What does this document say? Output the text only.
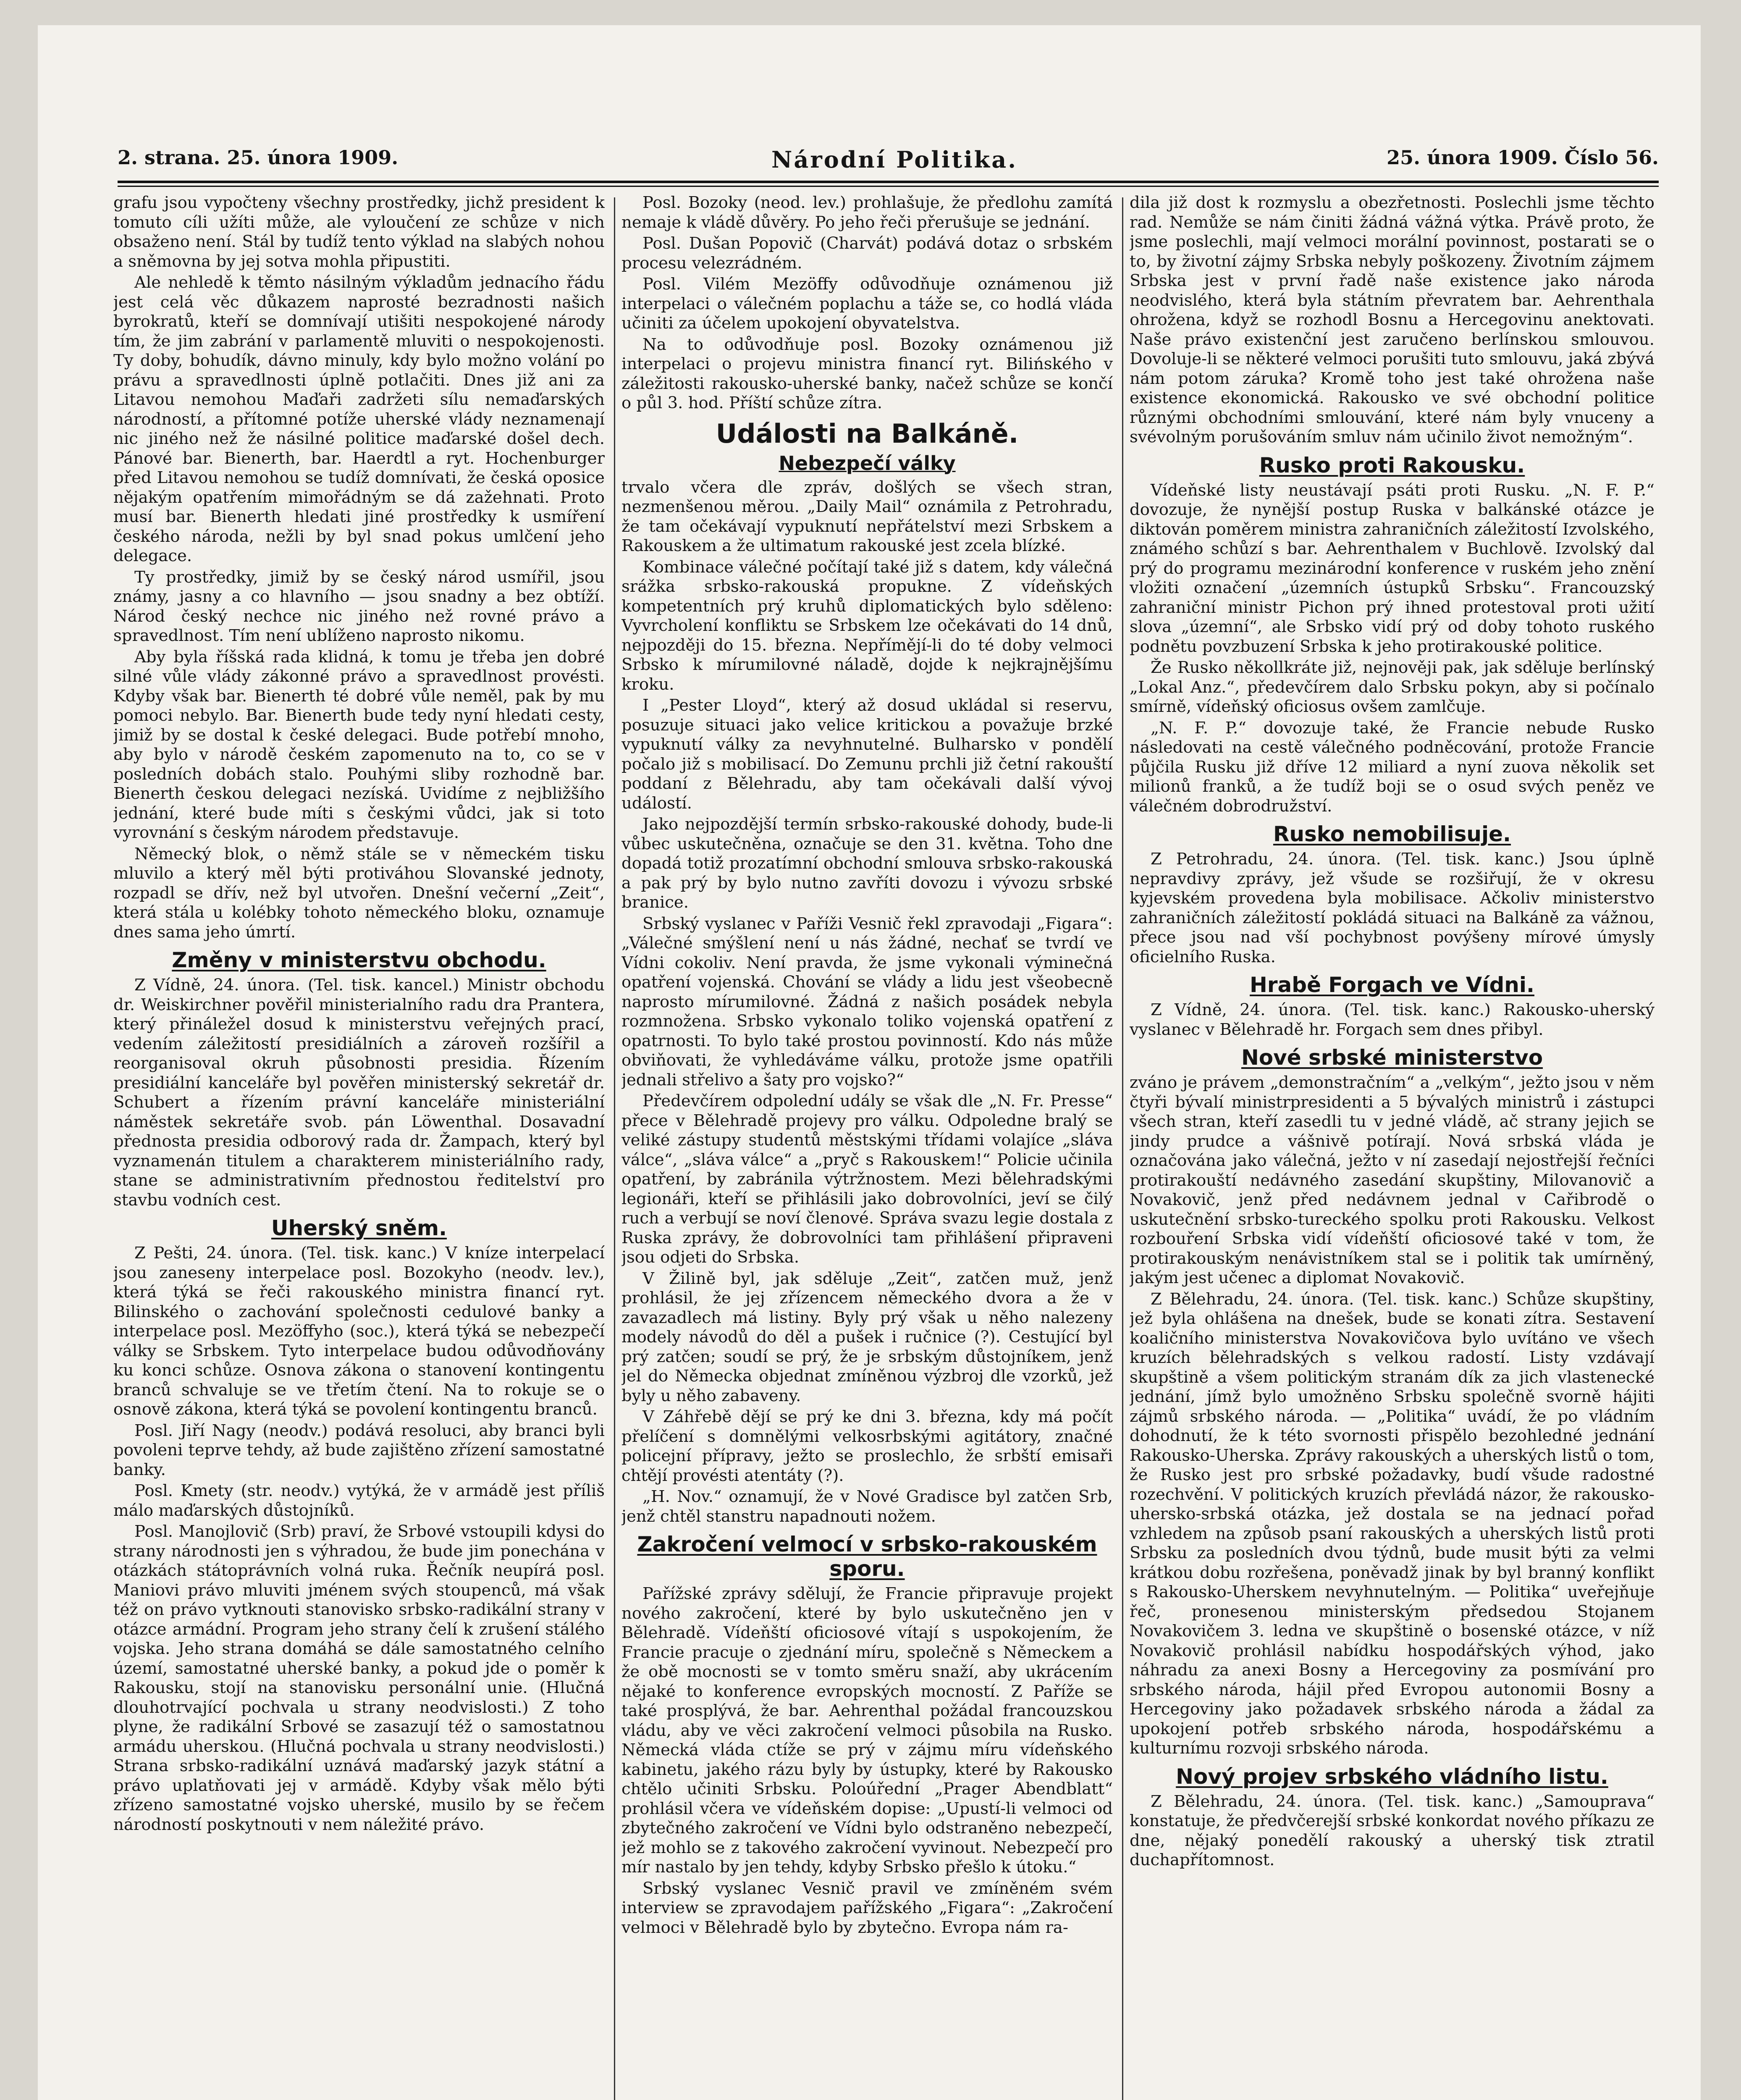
2. strana. 25. února 1909.	Národní Politika.	25. února 1909. Číslo 56.

grafu jsou vypočteny všechny prostředky, jichž president k tomuto cíli užíti může, ale vyloučení ze schůze v nich obsaženo není. Stál by tudíž tento výklad na slabých nohou a sněmovna by jej sotva mohla připustiti.

Ale nehledě k těmto násilným výkladům jednacího řádu jest celá věc důkazem naprosté bezradnosti našich byrokratů, kteří se domnívají utišiti nespokojené národy tím, že jim zabrání v parlamentě mluviti o nespokojenosti. Ty doby, bohudík, dávno minuly, kdy bylo možno volání po právu a spravedlnosti úplně potlačiti. Dnes již ani za Litavou nemohou Maďaři zadržeti sílu nemaďarských národností, a přítomné potíže uherské vlády neznamenají nic jiného než že násilné politice maďarské došel dech. Pánové bar. Bienerth, bar. Haerdtl a ryt. Hochenburger před Litavou nemohou se tudíž domnívati, že česká oposice nějakým opatřením mimořádným se dá zažehnati. Proto musí bar. Bienerth hledati jiné prostředky k usmíření českého národa, nežli by byl snad pokus umlčení jeho delegace.

Ty prostředky, jimiž by se český národ usmířil, jsou známy, jasny a co hlavního — jsou snadny a bez obtíží. Národ český nechce nic jiného než rovné právo a spravedlnost. Tím není ublíženo naprosto nikomu.

Aby byla říšská rada klidná, k tomu je třeba jen dobré silné vůle vlády zákonné právo a spravedlnost provésti. Kdyby však bar. Bienerth té dobré vůle neměl, pak by mu pomoci nebylo. Bar. Bienerth bude tedy nyní hledati cesty, jimiž by se dostal k české delegaci. Bude potřebí mnoho, aby bylo v národě českém zapomenuto na to, co se v posledních dobách stalo. Pouhými sliby rozhodně bar. Bienerth českou delegaci nezíská. Uvidíme z nejbližšího jednání, které bude míti s českými vůdci, jak si toto vyrovnání s českým národem představuje.

Německý blok, o němž stále se v německém tisku mluvilo a který měl býti protiváhou Slovanské jednoty, rozpadl se dřív, než byl utvořen. Dnešní večerní „Zeit“, která stála u kolébky tohoto německého bloku, oznamuje dnes sama jeho úmrtí.

Změny v ministerstvu obchodu.

Z Vídně, 24. února. (Tel. tisk. kancel.) Ministr obchodu dr. Weiskirchner pověřil ministerialního radu dra Prantera, který přináležel dosud k ministerstvu veřejných prací, vedením záležitostí presidiálních a zároveň rozšířil a reorganisoval okruh působnosti presidia. Řízením presidiální kanceláře byl pověřen ministerský sekretář dr. Schubert a řízením právní kanceláře ministeriální náměstek sekretáře svob. pán Löwenthal. Dosavadní přednosta presidia odborový rada dr. Žampach, který byl vyznamenán titulem a charakterem ministeriálního rady, stane se administrativním přednostou ředitelství pro stavbu vodních cest.

Uherský sněm.

Z Pešti, 24. února. (Tel. tisk. kanc.) V kníze interpelací jsou zaneseny interpelace posl. Bozokyho (neodv. lev.), která týká se řeči rakouského ministra financí ryt. Bilinského o zachování společnosti cedulové banky a interpelace posl. Mezöffyho (soc.), která týká se nebezpečí války se Srbskem. Tyto interpelace budou odůvodňovány ku konci schůze. Osnova zákona o stanovení kontingentu branců schvaluje se ve třetím čtení. Na to rokuje se o osnově zákona, která týká se povolení kontingentu branců.

Posl. Jiří Nagy (neodv.) podává resoluci, aby branci byli povoleni teprve tehdy, až bude zajištěno zřízení samostatné banky.

Posl. Kmety (str. neodv.) vytýká, že v armádě jest příliš málo maďarských důstojníků.

Posl. Manojlovič (Srb) praví, že Srbové vstoupili kdysi do strany národnosti jen s výhradou, že bude jim ponechána v otázkách státoprávních volná ruka. Řečník neupírá posl. Maniovi právo mluviti jménem svých stoupenců, má však též on právo vytknouti stanovisko srbsko-radikální strany v otázce armádní. Program jeho strany čelí k zrušení stálého vojska. Jeho strana domáhá se dále samostatného celního území, samostatné uherské banky, a pokud jde o poměr k Rakousku, stojí na stanovisku personální unie. (Hlučná dlouhotrvající pochvala u strany neodvislosti.) Z toho plyne, že radikální Srbové se zasazují též o samostatnou armádu uherskou. (Hlučná pochvala u strany neodvislosti.) Strana srbsko-radikální uznává maďarský jazyk státní a právo uplatňovati jej v armádě. Kdyby však mělo býti zřízeno samostatné vojsko uherské, musilo by se řečem národností poskytnouti v nem náležité právo.

Posl. Bozoky (neod. lev.) prohlašuje, že předlohu zamítá nemaje k vládě důvěry. Po jeho řeči přerušuje se jednání.

Posl. Dušan Popovič (Charvát) podává dotaz o srbském procesu velezrádném.

Posl. Vilém Mezöffy odůvodňuje oznámenou již interpelaci o válečném poplachu a táže se, co hodlá vláda učiniti za účelem upokojení obyvatelstva.

Na to odůvodňuje posl. Bozoky oznámenou již interpelaci o projevu ministra financí ryt. Bilińského v záležitosti rakousko-uherské banky, načež schůze se končí o půl 3. hod. Příští schůze zítra.

Události na Balkáně.
Nebezpečí války

trvalo včera dle zpráv, došlých se všech stran, nezmenšenou měrou. „Daily Mail“ oznámila z Petrohradu, že tam očekávají vypuknutí nepřátelství mezi Srbskem a Rakouskem a že ultimatum rakouské jest zcela blízké.

Kombinace válečné počítají také již s datem, kdy válečná srážka srbsko-rakouská propukne. Z vídeňských kompetentních prý kruhů diplomatických bylo sděleno: Vyvrcholení konfliktu se Srbskem lze očekávati do 14 dnů, nejpozději do 15. března. Nepřímějí-li do té doby velmoci Srbsko k mírumilovné náladě, dojde k nejkrajnějšímu kroku.

I „Pester Lloyd“, který až dosud ukládal si reservu, posuzuje situaci jako velice kritickou a považuje brzké vypuknutí války za nevyhnutelné. Bulharsko v pondělí počalo již s mobilisací. Do Zemunu prchli již četní rakouští poddaní z Bělehradu, aby tam očekávali další vývoj událostí.

Jako nejpozdější termín srbsko-rakouské dohody, bude-li vůbec uskutečněna, označuje se den 31. května. Toho dne dopadá totiž prozatímní obchodní smlouva srbsko-rakouská a pak prý by bylo nutno zavříti dovozu i vývozu srbské branice.

Srbský vyslanec v Paříži Vesnič řekl zpravodaji „Figara“: „Válečné smýšlení není u nás žádné, nechať se tvrdí ve Vídni cokoliv. Není pravda, že jsme vykonali výminečná opatření vojenská. Chování se vlády a lidu jest všeobecně naprosto mírumilovné. Žádná z našich posádek nebyla rozmnožena. Srbsko vykonalo toliko vojenská opatření z opatrnosti. To bylo také prostou povinností. Kdo nás může obviňovati, že vyhledáváme válku, protože jsme opatřili jednali střelivo a šaty pro vojsko?“

Předevčírem odpolední udály se však dle „N. Fr. Presse“ přece v Bělehradě projevy pro válku. Odpoledne bralý se veliké zástupy studentů městskými třídami volajíce „sláva válce“, „sláva válce“ a „pryč s Rakouskem!“ Policie učinila opatření, by zabránila výtržnostem. Mezi bělehradskými legionáři, kteří se přihlásili jako dobrovolníci, jeví se čilý ruch a verbují se noví členové. Správa svazu legie dostala z Ruska zprávy, že dobrovolníci tam přihlášení připraveni jsou odjeti do Srbska.

V Žilině byl, jak sděluje „Zeit“, zatčen muž, jenž prohlásil, že jej zřízencem německého dvora a že v zavazadlech má listiny. Byly prý však u něho nalezeny modely návodů do děl a pušek i ručnice (?). Cestující byl prý zatčen; soudí se prý, že je srbským důstojníkem, jenž jel do Německa objednat zmíněnou výzbroj dle vzorků, jež byly u něho zabaveny.

V Záhřebě dějí se prý ke dni 3. března, kdy má počít přelíčení s domnělými velkosrbskými agitátory, značné policejní přípravy, ježto se proslechlo, že srbští emisaři chtějí provésti atentáty (?).

„H. Nov.“ oznamují, že v Nové Gradisce byl zatčen Srb, jenž chtěl stanstru napadnouti nožem.

Zakročení velmocí v srbsko-rakouském sporu.

Pařížské zprávy sdělují, že Francie připravuje projekt nového zakročení, které by bylo uskutečněno jen v Bělehradě. Vídeňští oficiosové vítají s uspokojením, že Francie pracuje o zjednání míru, společně s Německem a že obě mocnosti se v tomto směru snaží, aby ukrácením nějaké to konference evropských mocností. Z Paříže se také prosplývá, že bar. Aehrenthal požádal francouzskou vládu, aby ve věci zakročení velmoci působila na Rusko. Německá vláda ctíže se prý v zájmu míru vídeňského kabinetu, jakého rázu byly by ústupky, které by Rakousko chtělo učiniti Srbsku. Poloúřední „Prager Abendblatt“ prohlásil včera ve vídeňském dopise: „Upustí-li velmoci od zbytečného zakročení ve Vídni bylo odstraněno nebezpečí, jež mohlo se z takového zakročení vyvinout. Nebezpečí pro mír nastalo by jen tehdy, kdyby Srbsko přešlo k útoku.“

Srbský vyslanec Vesnič pravil ve zmíněném svém interview se zpravodajem pařížského „Figara“: „Zakročení velmoci v Bělehradě bylo by zbytečno. Evropa nám ra-

dila již dost k rozmyslu a obezřetnosti. Poslechli jsme těchto rad. Nemůže se nám činiti žádná vážná výtka. Právě proto, že jsme poslechli, mají velmoci morální povinnost, postarati se o to, by životní zájmy Srbska nebyly poškozeny. Životním zájmem Srbska jest v první řadě naše existence jako národa neodvislého, která byla státním převratem bar. Aehrenthala ohrožena, když se rozhodl Bosnu a Hercegovinu anektovati. Naše právo existenční jest zaručeno berlínskou smlouvou. Dovoluje-li se některé velmoci porušiti tuto smlouvu, jaká zbývá nám potom záruka? Kromě toho jest také ohrožena naše existence ekonomická. Rakousko ve své obchodní politice různými obchodními smlouvání, které nám byly vnuceny a svévolným porušováním smluv nám učinilo život nemožným“.

Rusko proti Rakousku.

Vídeňské listy neustávají psáti proti Rusku. „N. F. P.“ dovozuje, že nynější postup Ruska v balkánské otázce je diktován poměrem ministra zahraničních záležitostí Izvolského, známého schůzí s bar. Aehrenthalem v Buchlově. Izvolský dal prý do programu mezinárodní konference v ruském jeho znění vložiti označení „územních ústupků Srbsku“. Francouzský zahraniční ministr Pichon prý ihned protestoval proti užití slova „územní“, ale Srbsko vidí prý od doby tohoto ruského podnětu povzbuzení Srbska k jeho protirakouské politice.

Že Rusko někollkráte již, nejnověji pak, jak sděluje berlínský „Lokal Anz.“, předevčírem dalo Srbsku pokyn, aby si počínalo smírně, vídeňský oficiosus ovšem zamlčuje.

„N. F. P.“ dovozuje také, že Francie nebude Rusko následovati na cestě válečného podněcování, protože Francie půjčila Rusku již dříve 12 miliard a nyní zuova několik set milionů franků, a že tudíž boji se o osud svých peněz ve válečném dobrodružství.

Rusko nemobilisuje.

Z Petrohradu, 24. února. (Tel. tisk. kanc.) Jsou úplně nepravdivy zprávy, jež všude se rozšiřují, že v okresu kyjevském provedena byla mobilisace. Ačkoliv ministerstvo zahraničních záležitostí pokládá situaci na Balkáně za vážnou, přece jsou nad vší pochybnost povýšeny mírové úmysly oficielního Ruska.

Hrabě Forgach ve Vídni.

Z Vídně, 24. února. (Tel. tisk. kanc.) Rakousko-uherský vyslanec v Bělehradě hr. Forgach sem dnes přibyl.

Nové srbské ministerstvo

zváno je právem „demonstračním“ a „velkým“, ježto jsou v něm čtyři bývalí ministrpresidenti a 5 bývalých ministrů i zástupci všech stran, kteří zasedli tu v jedné vládě, ač strany jejich se jindy prudce a vášnivě potírají. Nová srbská vláda je označována jako válečná, ježto v ní zasedají nejostřejší řečníci protirakouští nedávného zasedání skupštiny, Milovanovič a Novakovič, jenž před nedávnem jednal v Cařibrodě o uskutečnění srbsko-tureckého spolku proti Rakousku. Velkost rozbouření Srbska vidí vídeňští oficiosové také v tom, že protirakouským nenávistníkem stal se i politik tak umírněný, jakým jest učenec a diplomat Novakovič.

Z Bělehradu, 24. února. (Tel. tisk. kanc.) Schůze skupštiny, jež byla ohlášena na dnešek, bude se konati zítra. Sestavení koaličního ministerstva Novakovičova bylo uvítáno ve všech kruzích bělehradských s velkou radostí. Listy vzdávají skupštině a všem politickým stranám dík za jich vlastenecké jednání, jímž bylo umožněno Srbsku společně svorně hájiti zájmů srbského národa. — „Politika“ uvádí, že po vládním dohodnutí, že k této svornosti přispělo bezohledné jednání Rakousko-Uherska. Zprávy rakouských a uherských listů o tom, že Rusko jest pro srbské požadavky, budí všude radostné rozechvění. V politických kruzích převládá názor, že rakousko-uhersko-srbská otázka, jež dostala se na jednací pořad vzhledem na způsob psaní rakouských a uherských listů proti Srbsku za posledních dvou týdnů, bude musit býti za velmi krátkou dobu rozřešena, poněvadž jinak by byl branný konflikt s Rakousko-Uherskem nevyhnutelným. — Politika“ uveřejňuje řeč, pronesenou ministerským předsedou Stojanem Novakovičem 3. ledna ve skupštině o bosenské otázce, v níž Novakovič prohlásil nabídku hospodářských výhod, jako náhradu za anexi Bosny a Hercegoviny za posmívání pro srbského národa, hájil před Evropou autonomii Bosny a Hercegoviny jako požadavek srbského národa a žádal za upokojení potřeb srbského národa, hospodářskému a kulturnímu rozvoji srbského národa.

Nový projev srbského vládního listu.

Z Bělehradu, 24. února. (Tel. tisk. kanc.) „Samouprava“ konstatuje, že předvčerejší srbské konkordat nového příkazu ze dne, nějaký ponedělí rakouský a uherský tisk ztratil duchapřítomnost.
